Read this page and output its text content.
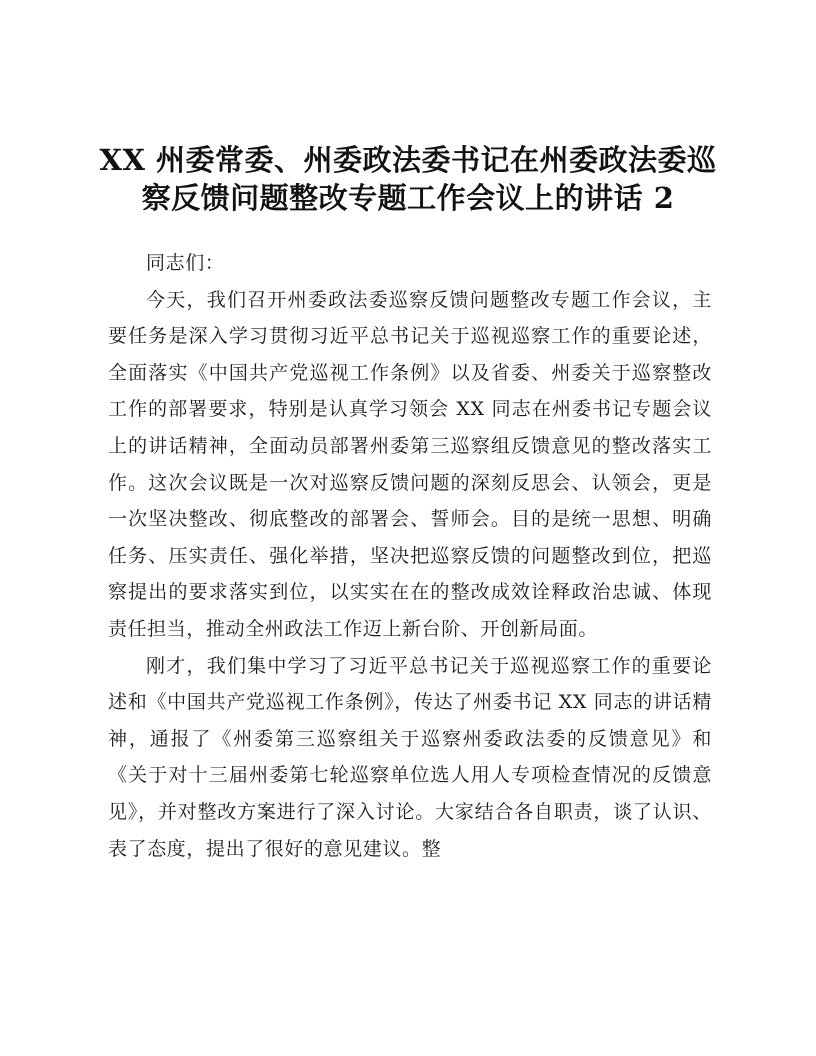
XX 州委常委、州委政法委书记在州委政法委巡
察反馈问题整改专题工作会议上的讲话 2

同志们：

今天，我们召开州委政法委巡察反馈问题整改专题工作会议，主要任务是深入学习贯彻习近平总书记关于巡视巡察工作的重要论述，全面落实《中国共产党巡视工作条例》以及省委、州委关于巡察整改工作的部署要求，特别是认真学习领会 XX 同志在州委书记专题会议上的讲话精神，全面动员部署州委第三巡察组反馈意见的整改落实工作。这次会议既是一次对巡察反馈问题的深刻反思会、认领会，更是一次坚决整改、彻底整改的部署会、誓师会。目的是统一思想、明确任务、压实责任、强化举措，坚决把巡察反馈的问题整改到位，把巡察提出的要求落实到位，以实实在在的整改成效诠释政治忠诚、体现责任担当，推动全州政法工作迈上新台阶、开创新局面。

刚才，我们集中学习了习近平总书记关于巡视巡察工作的重要论述和《中国共产党巡视工作条例》，传达了州委书记 XX 同志的讲话精神，通报了《州委第三巡察组关于巡察州委政法委的反馈意见》和《关于对十三届州委第七轮巡察单位选人用人专项检查情况的反馈意见》，并对整改方案进行了深入讨论。大家结合各自职责，谈了认识、表了态度，提出了很好的意见建议。整
